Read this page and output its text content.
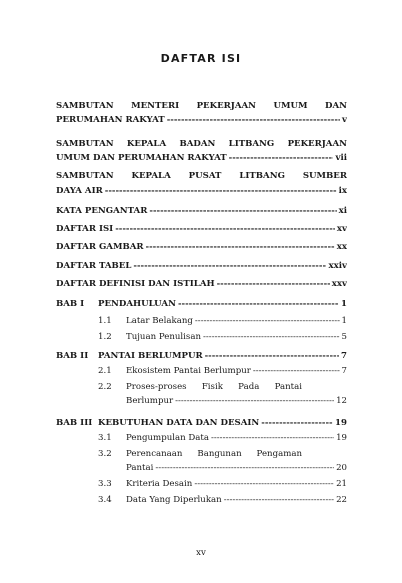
DAFTAR ISI
SAMBUTAN MENTERI PEKERJAAN UMUM DAN
PERUMAHAN RAKYAT -----	v
SAMBUTAN KEPALA BADAN LITBANG PEKERJAAN
UMUM DAN PERUMAHAN RAKYAT -----	vii
SAMBUTAN KEPALA PUSAT LITBANG SUMBER
DAYA AIR -----	ix
KATA PENGANTAR -----	xi
DAFTAR ISI -----	xv
DAFTAR GAMBAR -----	xx
DAFTAR TABEL -----	xxiv
DAFTAR DEFINISI DAN ISTILAH -----	xxv
BAB I	PENDAHULUAN -----	1
1.1	Latar Belakang -----	1
1.2	Tujuan Penulisan -----	5
BAB II	PANTAI BERLUMPUR -----	7
2.1	Ekosistem Pantai Berlumpur -----	7
2.2 Proses-proses Fisik Pada Pantai
Berlumpur -----	12
BAB III KEBUTUHAN DATA DAN DESAIN -----	19
3.1	Pengumpulan Data -----	19
3.2 Perencanaan Bangunan Pengaman
Pantai -----	20
3.3	Kriteria Desain -----	21
3.4	Data Yang Diperlukan -----	22
xv
